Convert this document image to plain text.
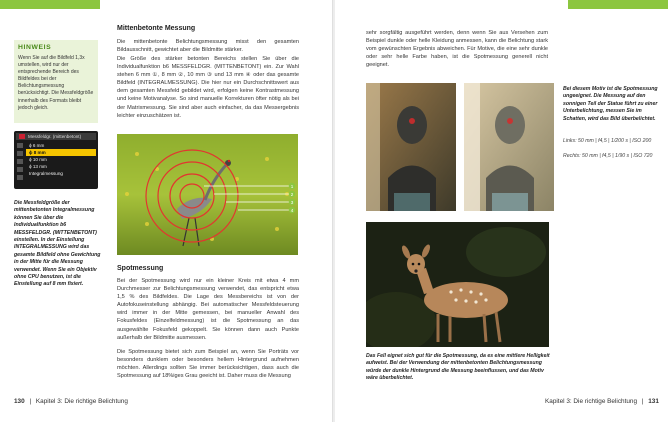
HINWEIS
Wenn Sie auf die Bildfeld 1,3x umstellen, wird nur der entsprechende Bereich des Bildfeldes bei der Belichtungsmessung berücksichtigt. Die Messfeldgröße innerhalb des Formats bleibt jedoch gleich.
Messfeldgr. (mittenbetont)
ϕ 6 mm
ϕ 8 mm
ϕ 10 mm
ϕ 13 mm
Integralmessung

Die Messfeldgröße der mittenbetonten Integralmessung können Sie über die Individualfunktion b6 MESSFELDGR. (MITTENBETONT) einstellen. In der Einstellung INTEGRALMESSUNG wird das gesamte Bildfeld ohne Gewichtung in der Mitte für die Messung verwendet. Wenn Sie ein Objektiv ohne CPU benutzen, ist die Einstellung auf 8 mm fixiert.

Mittenbetonte Messung

Die mittenbetonte Belichtungsmessung misst den gesamten Bildausschnitt, gewichtet aber die Bildmitte stärker.

Die Größe des stärker betonten Bereichs stellen Sie über die Individualfunktion b6 MESSFELDGR. (MITTENBETONT) ein. Zur Wahl stehen 6 mm ①, 8 mm ②, 10 mm ③ und 13 mm ④ oder das gesamte Bildfeld (INTEGRALMESSUNG). Die hier nur ein Durchschnittswert aus dem gesamten Messfeld gebildet wird, erfolgen keine Kontrastmessung und keine Motivanalyse. So sind manuelle Korrekturen öfter nötig als bei der Matrixmessung. Sie sind aber auch einfacher, da das Messergebnis leichter einzuschätzen ist.

1
2
3
4

Spotmessung

Bei der Spotmessung wird nur ein kleiner Kreis mit etwa 4 mm Durchmesser zur Belichtungsmessung verwendet, das entspricht etwa 1,5 % des Bildfeldes. Die Lage des Messbereichs ist von der Autofokuseinstellung abhängig. Bei automatischer Messfeldsteuerung wird immer in der Mitte gemessen, bei manueller Anwahl des Fokusfeldes (Einzelfeldmessung) ist die Spotmessung an das ausgewählte Fokusfeld gekoppelt. Sie können dann auch Punkte außerhalb der Bildmitte ausmessen.

Die Spotmessung bietet sich zum Beispiel an, wenn Sie Porträts vor besonders dunklem oder besonders hellem Hintergrund aufnehmen möchten. Allerdings sollten Sie immer berücksichtigen, dass auch die Spotmessung auf 18%iges Grau geeicht ist. Daher muss die Messung

130 | Kapitel 3: Die richtige Belichtung

sehr sorgfältig ausgeführt werden, denn wenn Sie aus Versehen zum Beispiel dunkle oder helle Kleidung anmessen, kann die Belichtung stark vom gewünschten Ergebnis abweichen. Für Motive, die eine sehr dunkle oder sehr helle Farbe haben, ist die Spotmessung generell nicht geeignet.

Bei diesem Motiv ist die Spotmessung ungeeignet. Die Messung auf den sonnigen Teil der Statue führt zu einer Unterbelichtung, messen Sie im Schatten, wird das Bild überbelichtet.

Links: 50 mm | f4,5 | 1/200 s | ISO 200

Rechts: 50 mm | f4,5 | 1/90 s | ISO 720

Das Fell eignet sich gut für die Spotmessung, da es eine mittlere Helligkeit aufweist. Bei der Verwendung der mittenbetonten Belichtungsmessung würde der dunkle Hintergrund die Messung beeinflussen, und das Motiv wäre überbelichtet.

Kapitel 3: Die richtige Belichtung | 131
